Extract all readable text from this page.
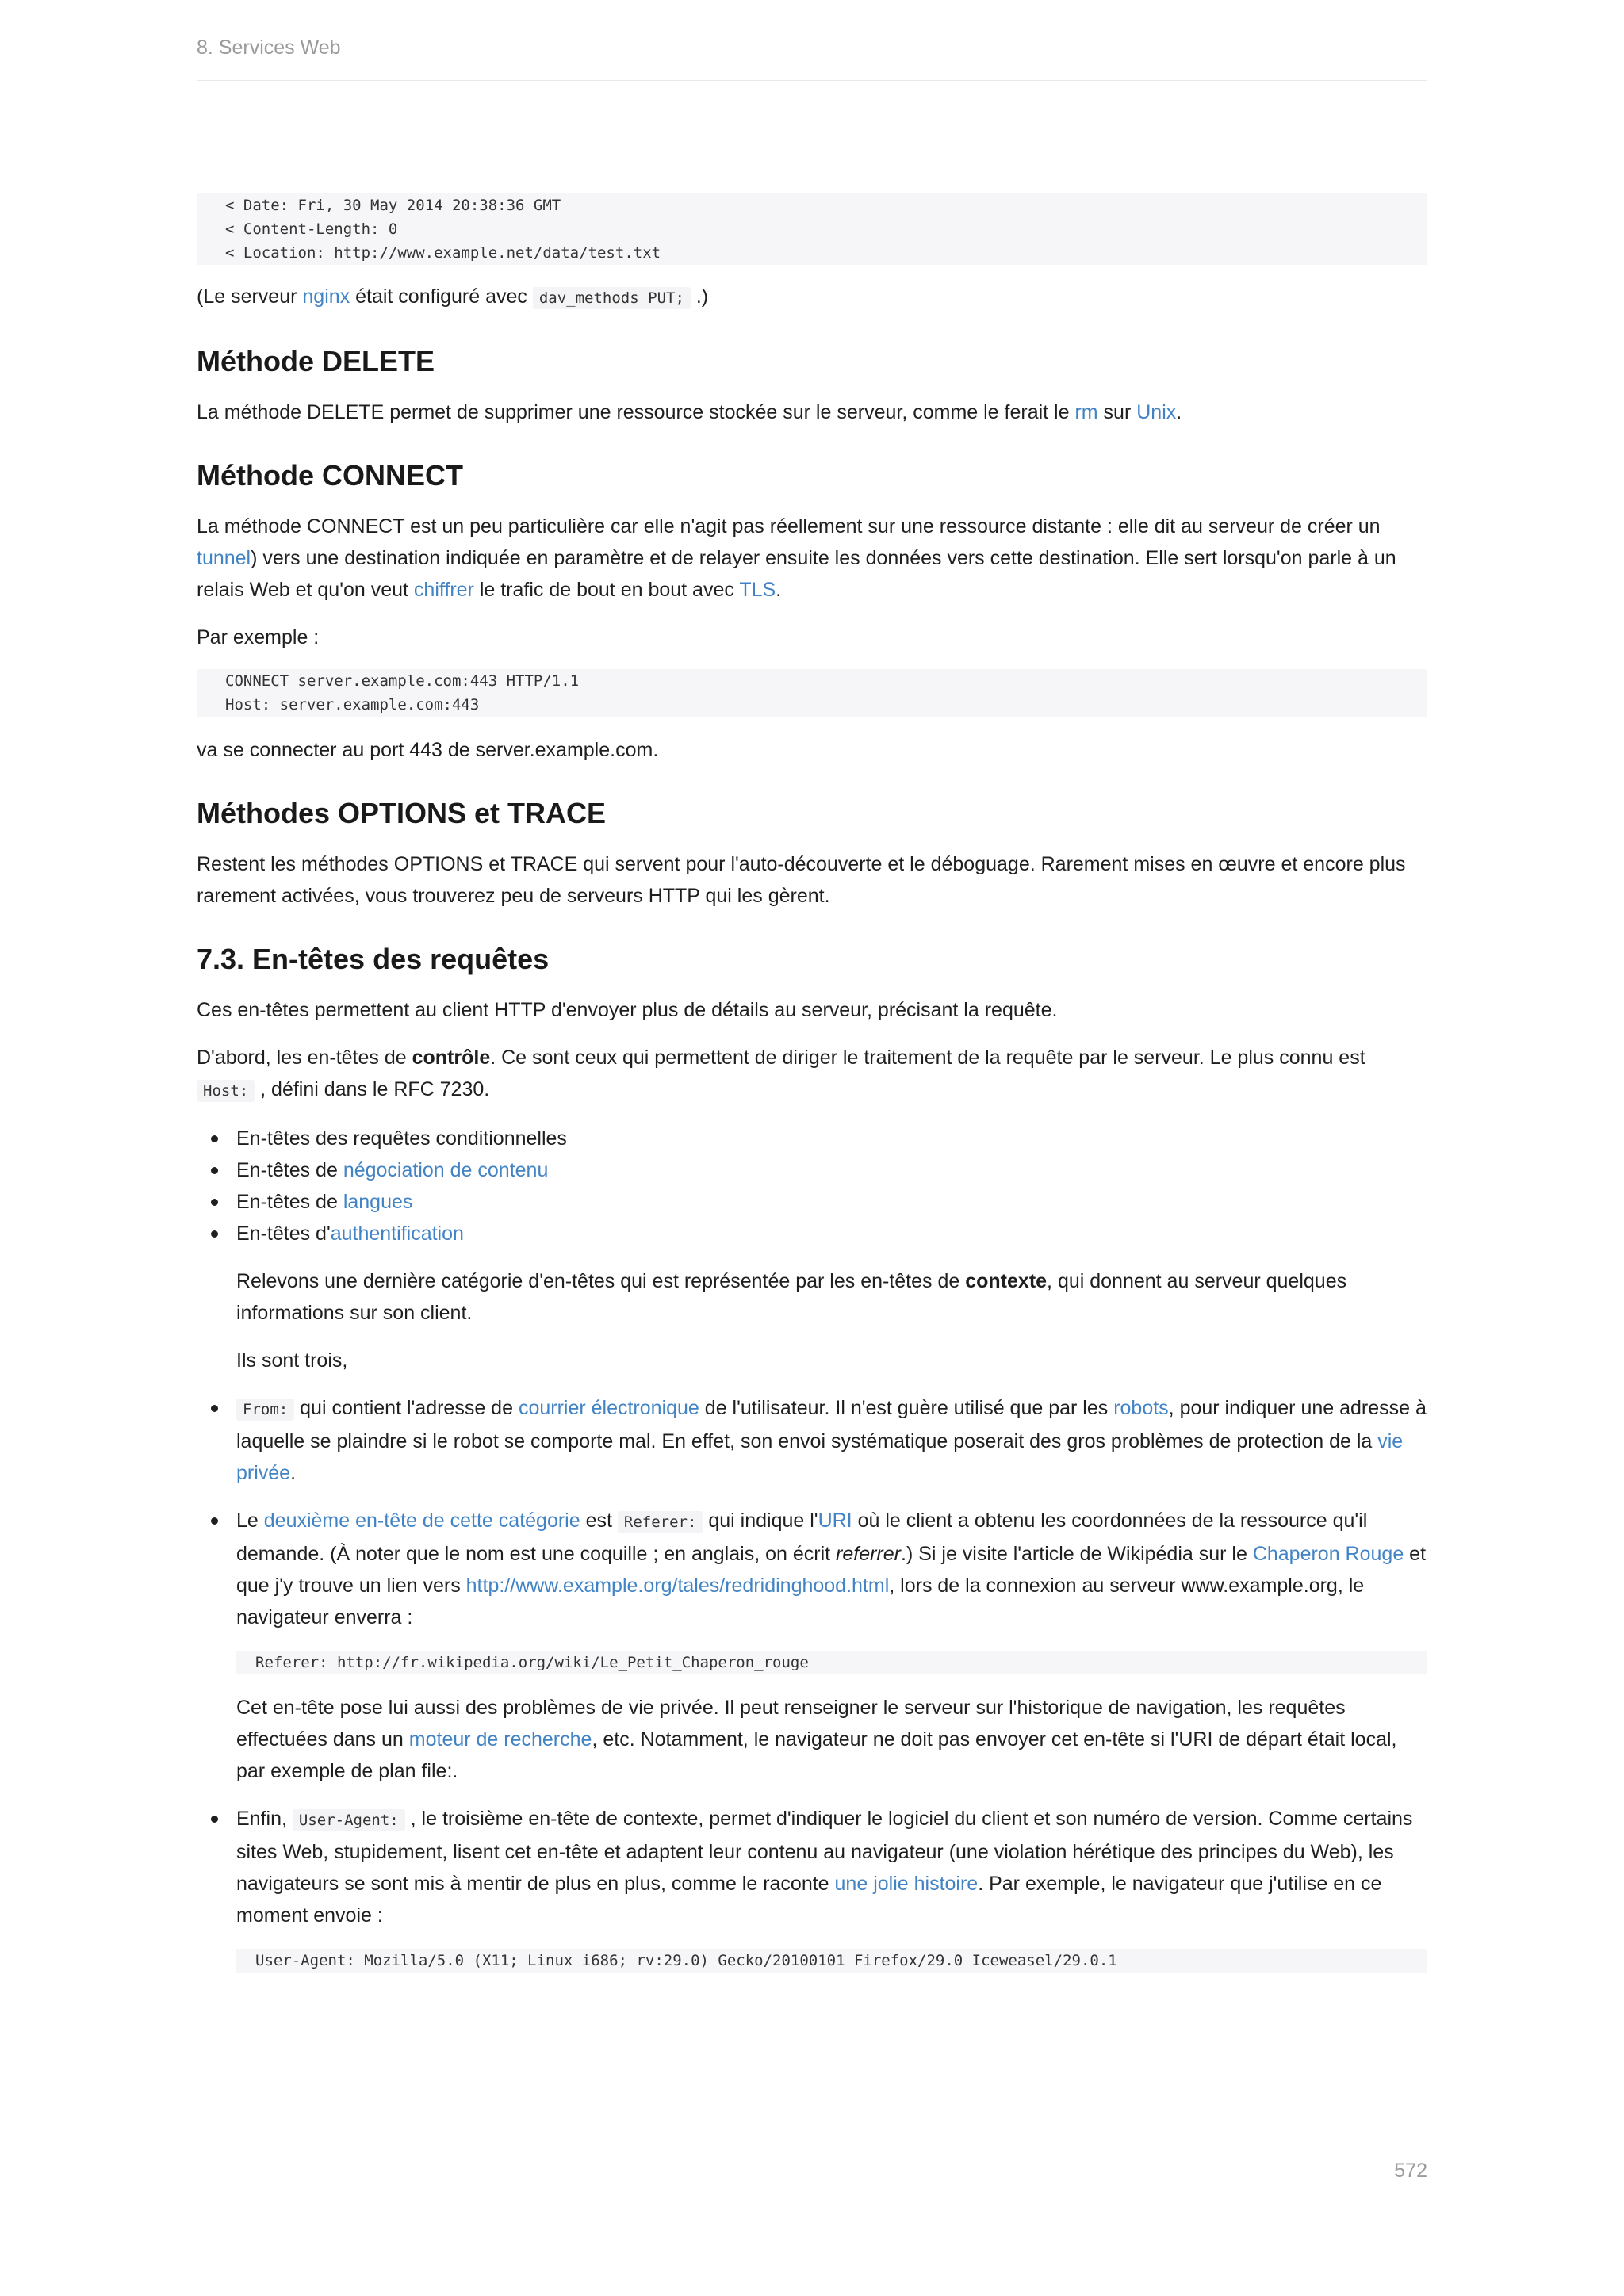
8. Services Web
< Date: Fri, 30 May 2014 20:38:36 GMT
< Content-Length: 0
< Location: http://www.example.net/data/test.txt

(Le serveur nginx était configuré avec dav_methods PUT; .)

Méthode DELETE

La méthode DELETE permet de supprimer une ressource stockée sur le serveur, comme le ferait le rm sur Unix.

Méthode CONNECT

La méthode CONNECT est un peu particulière car elle n'agit pas réellement sur une ressource distante : elle dit au serveur de créer un tunnel) vers une destination indiquée en paramètre et de relayer ensuite les données vers cette destination. Elle sert lorsqu'on parle à un relais Web et qu'on veut chiffrer le trafic de bout en bout avec TLS.

Par exemple :

CONNECT server.example.com:443 HTTP/1.1
Host: server.example.com:443

va se connecter au port 443 de server.example.com.

Méthodes OPTIONS et TRACE

Restent les méthodes OPTIONS et TRACE qui servent pour l'auto-découverte et le déboguage. Rarement mises en œuvre et encore plus rarement activées, vous trouverez peu de serveurs HTTP qui les gèrent.

7.3. En-têtes des requêtes

Ces en-têtes permettent au client HTTP d'envoyer plus de détails au serveur, précisant la requête.

D'abord, les en-têtes de contrôle. Ce sont ceux qui permettent de diriger le traitement de la requête par le serveur. Le plus connu est Host: , défini dans le RFC 7230.

En-têtes des requêtes conditionnelles
En-têtes de négociation de contenu
En-têtes de langues
En-têtes d'authentification

Relevons une dernière catégorie d'en-têtes qui est représentée par les en-têtes de contexte, qui donnent au serveur quelques informations sur son client.

Ils sont trois,

From: qui contient l'adresse de courrier électronique de l'utilisateur. Il n'est guère utilisé que par les robots, pour indiquer une adresse à laquelle se plaindre si le robot se comporte mal. En effet, son envoi systématique poserait des gros problèmes de protection de la vie privée.
Le deuxième en-tête de cette catégorie est Referer: qui indique l'URI où le client a obtenu les coordonnées de la ressource qu'il demande. (À noter que le nom est une coquille ; en anglais, on écrit referrer.) Si je visite l'article de Wikipédia sur le Chaperon Rouge et que j'y trouve un lien vers http://www.example.org/tales/redridinghood.html, lors de la connexion au serveur www.example.org, le navigateur enverra :
Referer: http://fr.wikipedia.org/wiki/Le_Petit_Chaperon_rouge
Cet en-tête pose lui aussi des problèmes de vie privée. Il peut renseigner le serveur sur l'historique de navigation, les requêtes effectuées dans un moteur de recherche, etc. Notamment, le navigateur ne doit pas envoyer cet en-tête si l'URI de départ était local, par exemple de plan file:.
Enfin, User-Agent: , le troisième en-tête de contexte, permet d'indiquer le logiciel du client et son numéro de version. Comme certains sites Web, stupidement, lisent cet en-tête et adaptent leur contenu au navigateur (une violation hérétique des principes du Web), les navigateurs se sont mis à mentir de plus en plus, comme le raconte une jolie histoire. Par exemple, le navigateur que j'utilise en ce moment envoie :
User-Agent: Mozilla/5.0 (X11; Linux i686; rv:29.0) Gecko/20100101 Firefox/29.0 Iceweasel/29.0.1
572
